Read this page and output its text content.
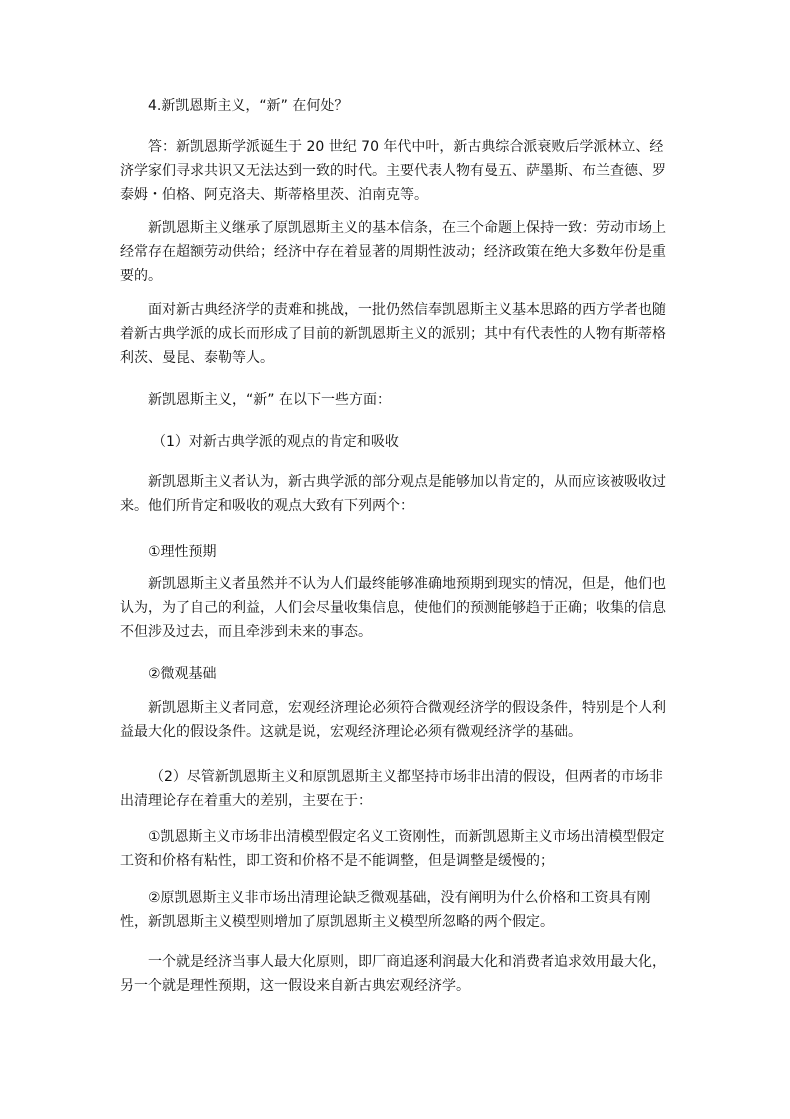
4.新凯恩斯主义，“新” 在何处？

答：新凯恩斯学派诞生于 20 世纪 70 年代中叶，新古典综合派衰败后学派林立、经济学家们寻求共识又无法达到一致的时代。主要代表人物有曼五、萨墨斯、布兰查德、罗泰姆・伯格、阿克洛夫、斯蒂格里茨、泊南克等。

新凯恩斯主义继承了原凯恩斯主义的基本信条，在三个命题上保持一致：劳动市场上经常存在超额劳动供给；经济中存在着显著的周期性波动；经济政策在绝大多数年份是重要的。

面对新古典经济学的责难和挑战，一批仍然信奉凯恩斯主义基本思路的西方学者也随着新古典学派的成长而形成了目前的新凯恩斯主义的派别；其中有代表性的人物有斯蒂格利茨、曼昆、泰勒等人。

新凯恩斯主义，“新” 在以下一些方面：

（1）对新古典学派的观点的肯定和吸收

新凯恩斯主义者认为，新古典学派的部分观点是能够加以肯定的，从而应该被吸收过来。他们所肯定和吸收的观点大致有下列两个：

①理性预期

新凯恩斯主义者虽然并不认为人们最终能够准确地预期到现实的情况，但是，他们也认为，为了自己的利益，人们会尽量收集信息，使他们的预测能够趋于正确；收集的信息不但涉及过去，而且牵涉到未来的事态。

②微观基础

新凯恩斯主义者同意，宏观经济理论必须符合微观经济学的假设条件，特别是个人利益最大化的假设条件。这就是说，宏观经济理论必须有微观经济学的基础。

（2）尽管新凯恩斯主义和原凯恩斯主义都坚持市场非出清的假设，但两者的市场非出清理论存在着重大的差别，主要在于：

①凯恩斯主义市场非出清模型假定名义工资刚性，而新凯恩斯主义市场出清模型假定工资和价格有粘性，即工资和价格不是不能调整，但是调整是缓慢的；

②原凯恩斯主义非市场出清理论缺乏微观基础，没有阐明为什么价格和工资具有刚性，新凯恩斯主义模型则增加了原凯恩斯主义模型所忽略的两个假定。

一个就是经济当事人最大化原则，即厂商追逐利润最大化和消费者追求效用最大化，另一个就是理性预期，这一假设来自新古典宏观经济学。
